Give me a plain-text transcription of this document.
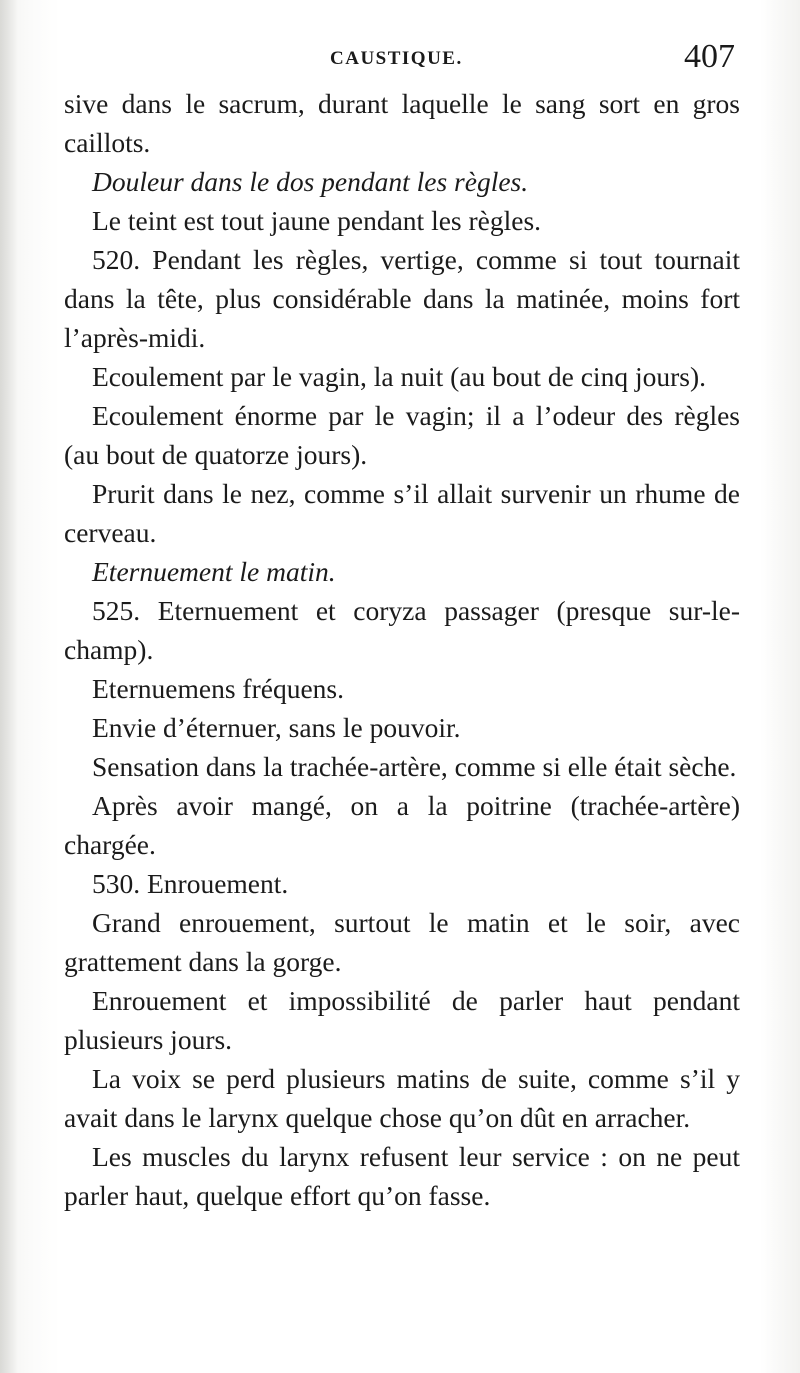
CAUSTIQUE.	407

sive dans le sacrum, durant laquelle le sang sort en gros caillots.

Douleur dans le dos pendant les règles.

Le teint est tout jaune pendant les règles.

520. Pendant les règles, vertige, comme si tout tournait dans la tête, plus considérable dans la matinée, moins fort l’après-midi.

Ecoulement par le vagin, la nuit (au bout de cinq jours).

Ecoulement énorme par le vagin; il a l’odeur des règles (au bout de quatorze jours).

Prurit dans le nez, comme s’il allait survenir un rhume de cerveau.

Eternuement le matin.

525. Eternuement et coryza passager (presque sur-le-champ).

Eternuemens fréquens.

Envie d’éternuer, sans le pouvoir.

Sensation dans la trachée-artère, comme si elle était sèche.

Après avoir mangé, on a la poitrine (trachée-artère) chargée.

530. Enrouement.

Grand enrouement, surtout le matin et le soir, avec grattement dans la gorge.

Enrouement et impossibilité de parler haut pendant plusieurs jours.

La voix se perd plusieurs matins de suite, comme s’il y avait dans le larynx quelque chose qu’on dût en arracher.

Les muscles du larynx refusent leur service : on ne peut parler haut, quelque effort qu’on fasse.
